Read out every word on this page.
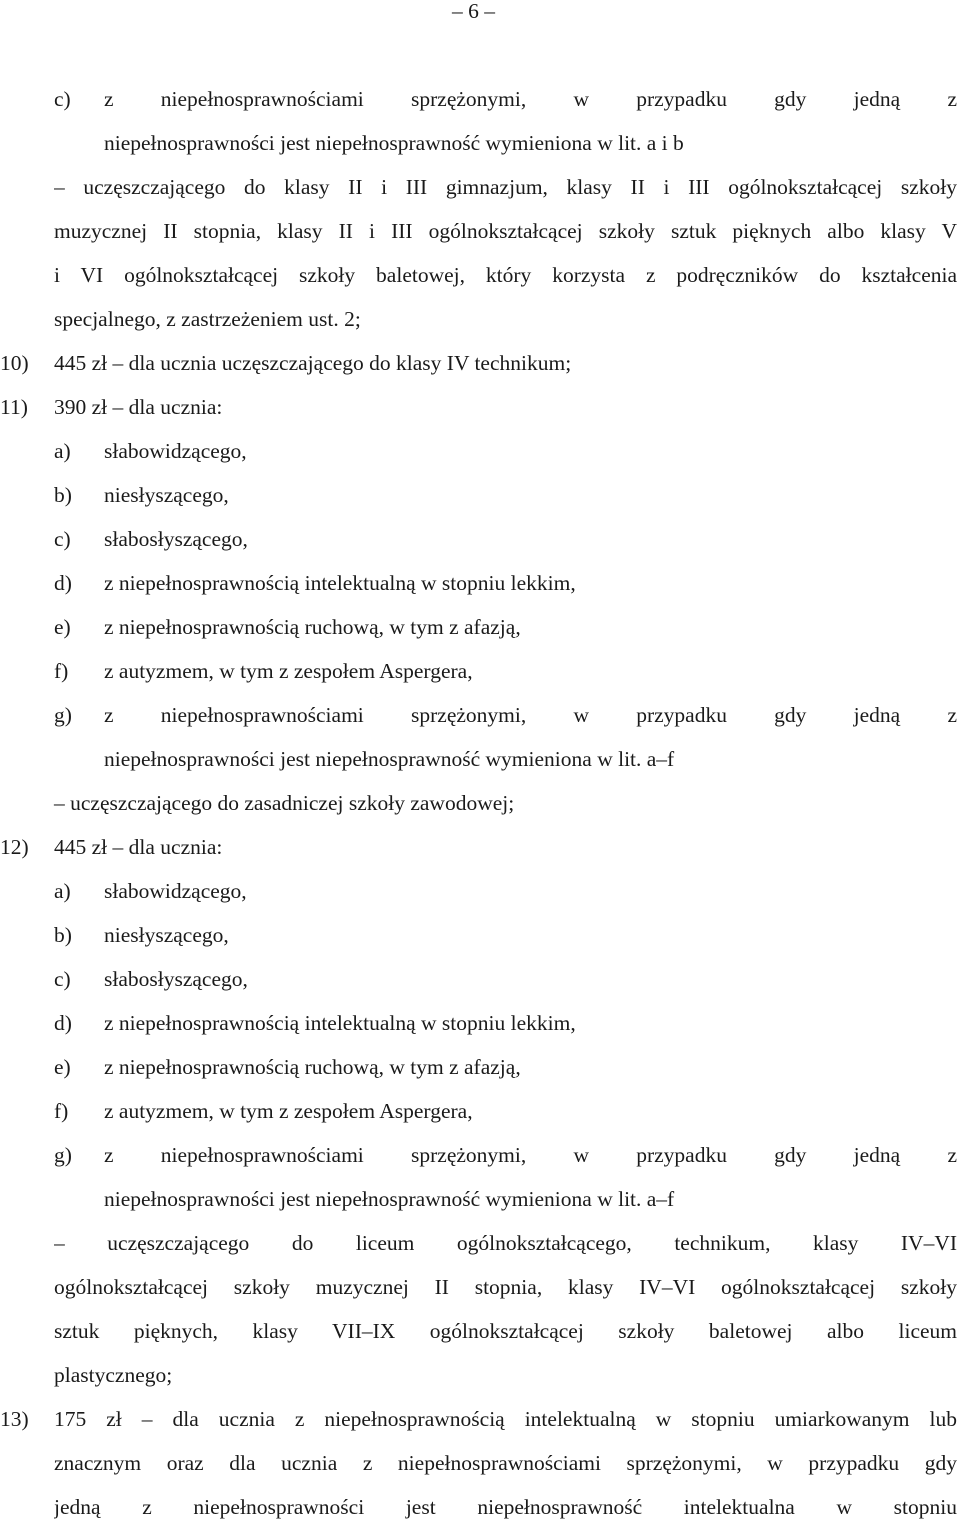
– 6 –
c) z niepełnosprawnościami sprzężonymi, w przypadku gdy jedną z
niepełnosprawności jest niepełnosprawność wymieniona w lit. a i b
– uczęszczającego do klasy II i III gimnazjum, klasy II i III ogólnokształcącej szkoły
muzycznej II stopnia, klasy II i III ogólnokształcącej szkoły sztuk pięknych albo klasy V
i VI ogólnokształcącej szkoły baletowej, który korzysta z podręczników do kształcenia
specjalnego, z zastrzeżeniem ust. 2;
10) 445 zł – dla ucznia uczęszczającego do klasy IV technikum;
11) 390 zł – dla ucznia:
a) słabowidzącego,
b) niesłyszącego,
c) słabosłyszącego,
d) z niepełnosprawnością intelektualną w stopniu lekkim,
e) z niepełnosprawnością ruchową, w tym z afazją,
f) z autyzmem, w tym z zespołem Aspergera,
g) z niepełnosprawnościami sprzężonymi, w przypadku gdy jedną z
niepełnosprawności jest niepełnosprawność wymieniona w lit. a–f
– uczęszczającego do zasadniczej szkoły zawodowej;
12) 445 zł – dla ucznia:
a) słabowidzącego,
b) niesłyszącego,
c) słabosłyszącego,
d) z niepełnosprawnością intelektualną w stopniu lekkim,
e) z niepełnosprawnością ruchową, w tym z afazją,
f) z autyzmem, w tym z zespołem Aspergera,
g) z niepełnosprawnościami sprzężonymi, w przypadku gdy jedną z
niepełnosprawności jest niepełnosprawność wymieniona w lit. a–f
– uczęszczającego do liceum ogólnokształcącego, technikum, klasy IV–VI
ogólnokształcącej szkoły muzycznej II stopnia, klasy IV–VI ogólnokształcącej szkoły
sztuk pięknych, klasy VII–IX ogólnokształcącej szkoły baletowej albo liceum
plastycznego;
13) 175 zł – dla ucznia z niepełnosprawnością intelektualną w stopniu umiarkowanym lub
znacznym oraz dla ucznia z niepełnosprawnościami sprzężonymi, w przypadku gdy
jedną z niepełnosprawności jest niepełnosprawność intelektualna w stopniu
